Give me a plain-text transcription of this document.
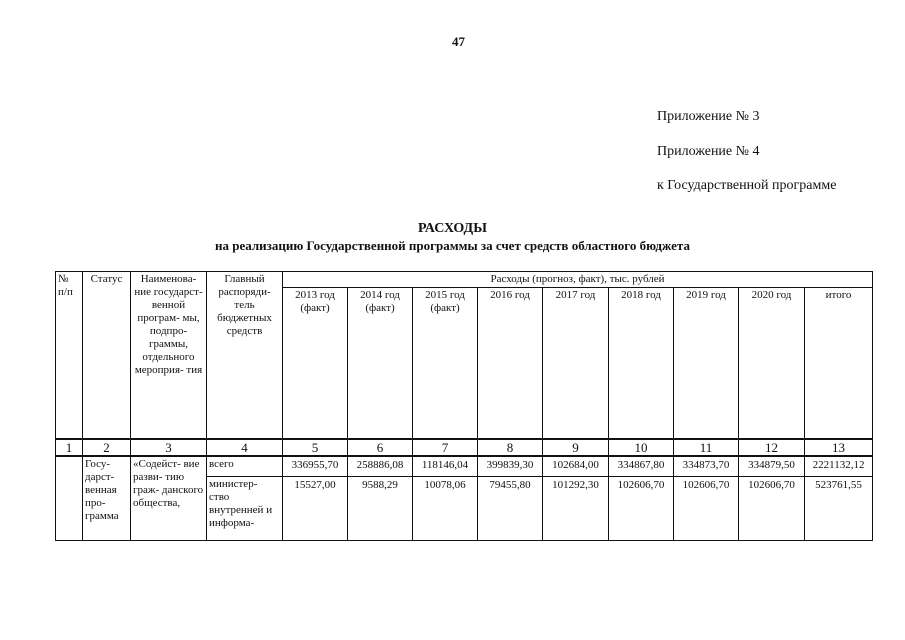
47
Приложение № 3
Приложение № 4
к Государственной программе
РАСХОДЫ
на реализацию Государственной программы за счет средств областного бюджета
№ п/п	Статус	Наименова- ние государст- венной програм- мы, подпро- граммы, отдельного мероприя- тия	Главный распоряди- тель бюджетных средств	Расходы (прогноз, факт), тыс. рублей								
				2013 год (факт)	2014 год (факт)	2015 год (факт)	2016 год	2017 год	2018 год	2019 год	2020 год	итого
1	2	3	4	5	6	7	8	9	10	11	12	13
	Госу- дарст- венная про- грамма	«Содейст- вие разви- тию граж- данского общества,	всего	336955,70	258886,08	118146,04	399839,30	102684,00	334867,80	334873,70	334879,50	2221132,12
			министер- ство внутренней и информа-	15527,00	9588,29	10078,06	79455,80	101292,30	102606,70	102606,70	102606,70	523761,55
